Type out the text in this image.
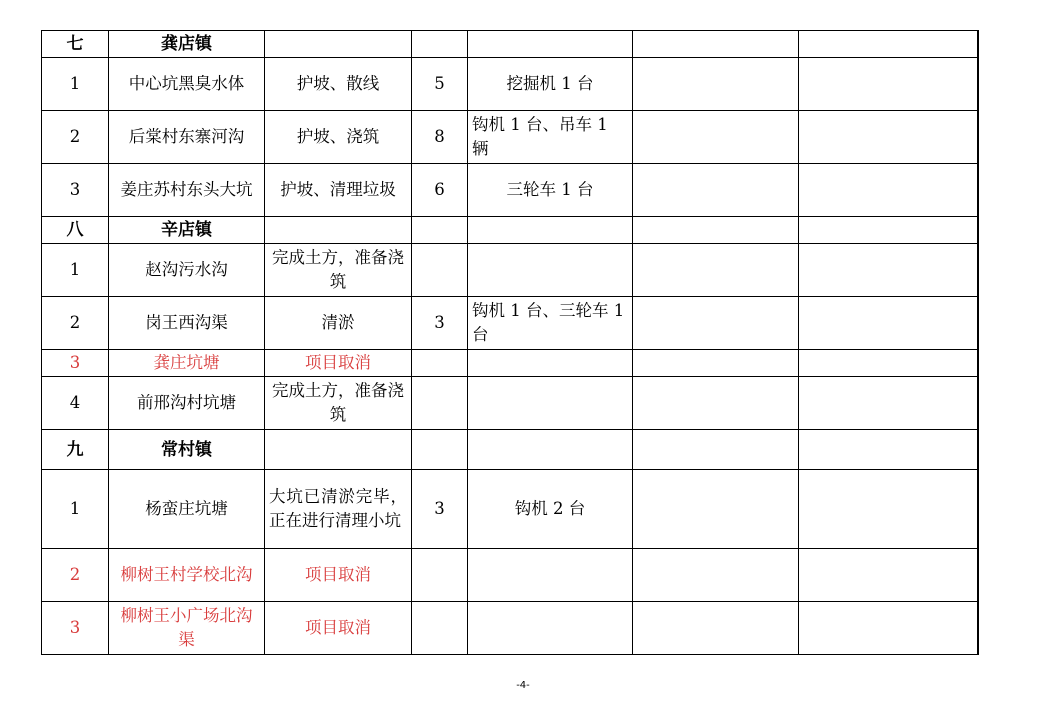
七	龚店镇						
1	中心坑黑臭水体	护坡、散线	5	挖掘机 1 台			
2	后棠村东寨河沟	护坡、浇筑	8	钩机 1 台、吊车 1 辆			
3	姜庄苏村东头大坑	护坡、清理垃圾	6	三轮车 1 台			
八	辛店镇						
1	赵沟污水沟	完成土方，准备浇筑					
2	岗王西沟渠	清淤	3	钩机 1 台、三轮车 1 台			
3	龚庄坑塘	项目取消					
4	前邢沟村坑塘	完成土方，准备浇筑					
九	常村镇						
1	杨蛮庄坑塘	大坑已清淤完毕，正在进行清理小坑	3	钩机 2 台			
2	柳树王村学校北沟	项目取消					
3	柳树王小广场北沟渠	项目取消					
-4-
